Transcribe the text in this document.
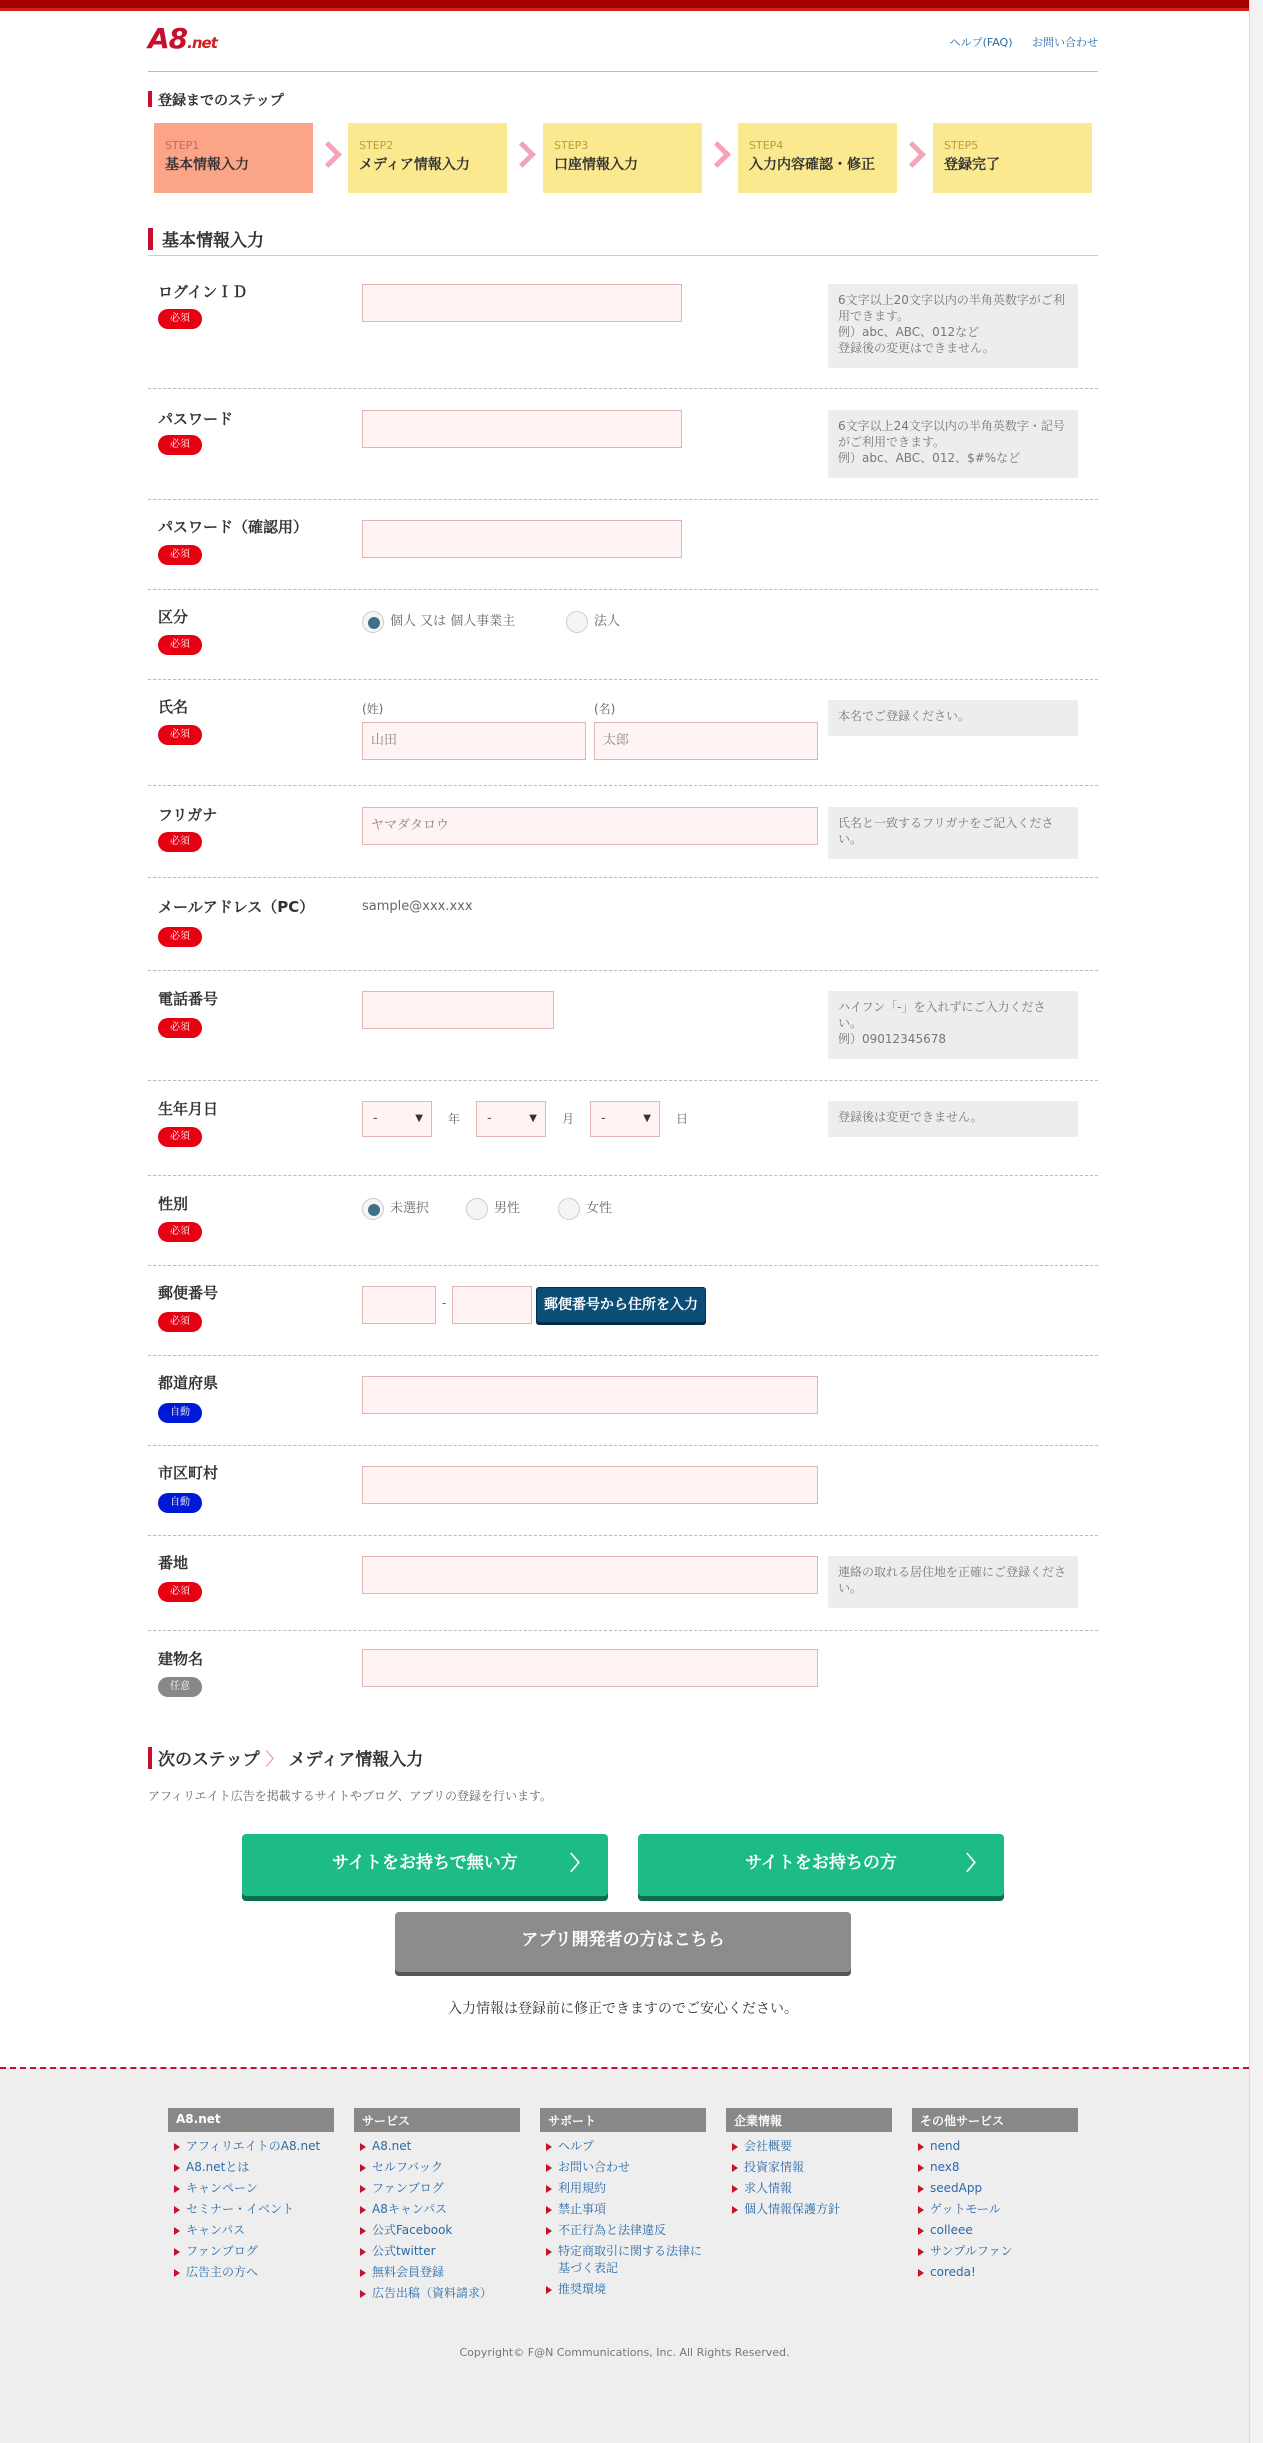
A8.net	ヘルプ(FAQ) お問い合わせ
登録までのステップ
STEP1
基本情報入力
STEP2
メディア情報入力
STEP3
口座情報入力
STEP4
入力内容確認・修正
STEP5
登録完了
基本情報入力
ログインＩＤ
必須
6文字以上20文字以内の半角英数字がご利用できます。
例）abc、ABC、012など
登録後の変更はできません。
パスワード
必須
6文字以上24文字以内の半角英数字・記号がご利用できます。
例）abc、ABC、012、$#%など
パスワード（確認用）
必須
区分
必須
個人 又は 個人事業主	法人
氏名
必須
(姓)	(名)
山田	太郎
本名でご登録ください。
フリガナ
必須
ヤマダタロウ	氏名と一致するフリガナをご記入ください。
メールアドレス（PC）
必須
sample@xxx.xxx
電話番号
必須
ハイフン「-」を入れずにご入力ください。
例）09012345678
生年月日
必須
- ▼	年	- ▼	月	- ▼	日	登録後は変更できません。
性別
必須
未選択	男性	女性
郵便番号
必須
-	郵便番号から住所を入力
都道府県
自動
市区町村
自動
番地
必須
連絡の取れる居住地を正確にご登録ください。
建物名
任意
次のステップ 〉 メディア情報入力
アフィリエイト広告を掲載するサイトやブログ、アプリの登録を行います。
サイトをお持ちで無い方	〉	サイトをお持ちの方	〉
アプリ開発者の方はこちら
入力情報は登録前に修正できますのでご安心ください。
A8.net
アフィリエイトのA8.net
A8.netとは
キャンペーン
セミナー・イベント
キャンパス
ファンブログ
広告主の方へ
サービス
A8.net
セルフバック
ファンブログ
A8キャンパス
公式Facebook
公式twitter
無料会員登録
広告出稿（資料請求）
サポート
ヘルプ
お問い合わせ
利用規約
禁止事項
不正行為と法律違反
特定商取引に関する法律に基づく表記
推奨環境
企業情報
会社概要
投資家情報
求人情報
個人情報保護方針
その他サービス
nend
nex8
seedApp
ゲットモール
colleee
サンプルファン
coreda!
Copyright© F@N Communications, Inc. All Rights Reserved.
